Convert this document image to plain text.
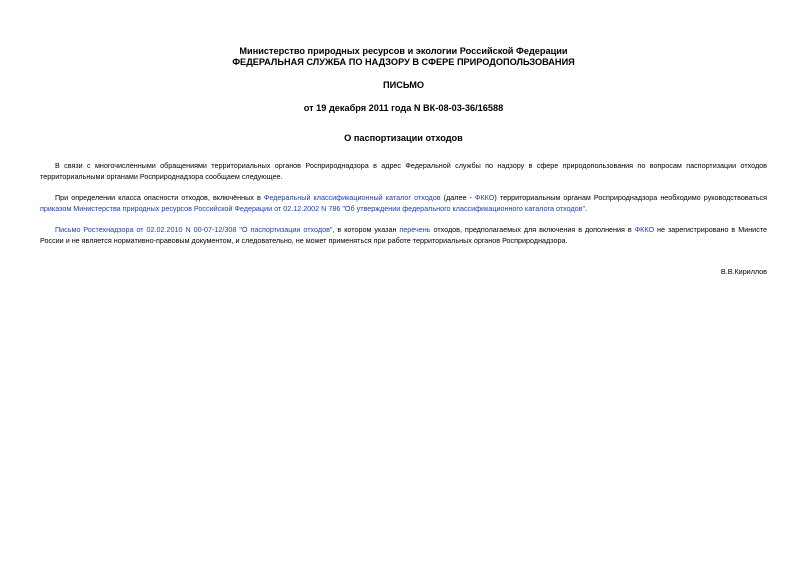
Министерство природных ресурсов и экологии Российской Федерации
ФЕДЕРАЛЬНАЯ СЛУЖБА ПО НАДЗОРУ В СФЕРЕ ПРИРОДОПОЛЬЗОВАНИЯ
ПИСЬМО
от 19 декабря 2011 года N ВК-08-03-36/16588
О паспортизации отходов
В связи с многочисленными обращениями территориальных органов Росприроднадзора в адрес Федеральной службы по надзору в сфере природопользования по вопросам паспортизации отходов территориальными органами Росприроднадзора сообщаем следующее.
При определении класса опасности отходов, включённых в Федеральный классификационный каталог отходов (далее - ФККО) территориальным органам Росприроднадзора необходимо руководствоваться приказом Министерства природных ресурсов Российской Федерации от 02.12.2002 N 786 "Об утверждении федерального классификационного каталога отходов".
Письмо Ростехнадзора от 02.02.2010 N 00-07-12/308 "О паспортизации отходов", в котором указан перечень отходов, предполагаемых для включения в дополнения в ФККО не зарегистрировано в Министе России и не является нормативно-правовым документом, и следовательно, не может применяться при работе территориальных органов Росприроднадзора.
В.В.Кириллов
